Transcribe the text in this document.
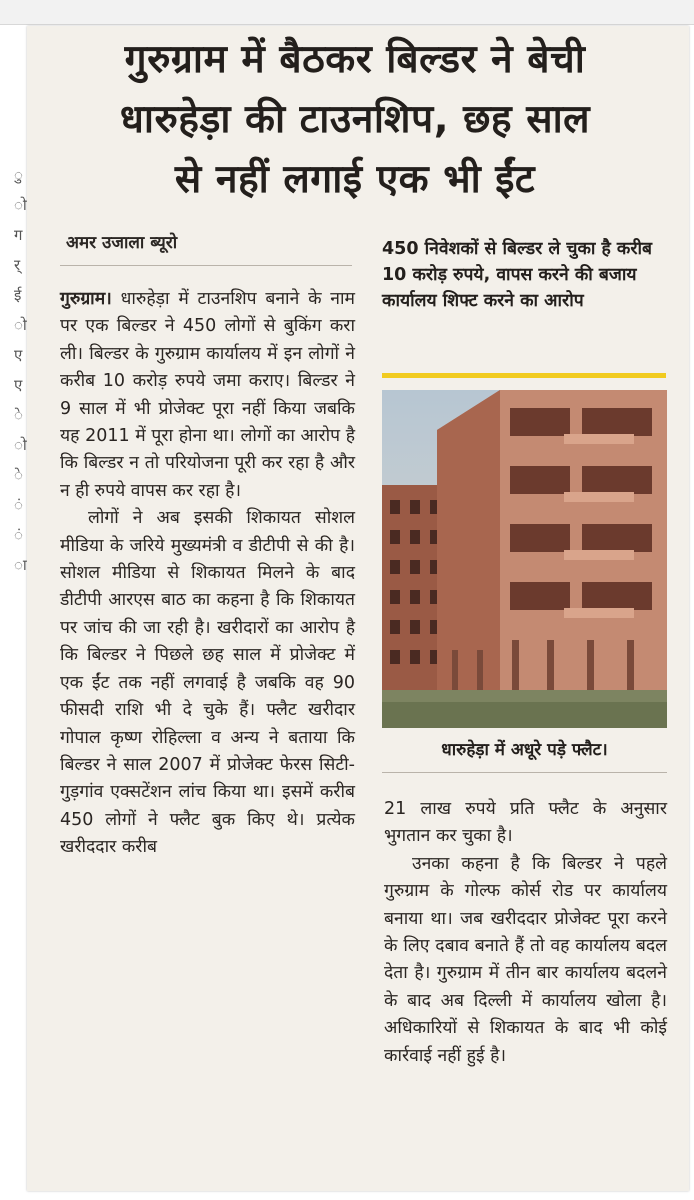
ु
ो
ग
र्
ई
ो
ए
ए
े
ो
े
ं
ं
ा
गुरुग्राम में बैठकर बिल्डर ने बेची
धारुहेड़ा की टाउनशिप, छह साल
से नहीं लगाई एक भी ईंट
अमर उजाला ब्यूरो	450 निवेशकों से बिल्डर ले चुका है करीब 10 करोड़ रुपये, वापस करने की बजाय कार्यालय शिफ्ट करने का आरोप
धारुहेड़ा में अधूरे पड़े फ्लैट।

गुरुग्राम। धारुहेड़ा में टाउनशिप बनाने के नाम पर एक बिल्डर ने 450 लोगों से बुकिंग करा ली। बिल्डर के गुरुग्राम कार्यालय में इन लोगों ने करीब 10 करोड़ रुपये जमा कराए। बिल्डर ने 9 साल में भी प्रोजेक्ट पूरा नहीं किया जबकि यह 2011 में पूरा होना था। लोगों का आरोप है कि बिल्डर न तो परियोजना पूरी कर रहा है और न ही रुपये वापस कर रहा है।

लोगों ने अब इसकी शिकायत सोशल मीडिया के जरिये मुख्यमंत्री व डीटीपी से की है। सोशल मीडिया से शिकायत मिलने के बाद डीटीपी आरएस बाठ का कहना है कि शिकायत पर जांच की जा रही है। खरीदारों का आरोप है कि बिल्डर ने पिछले छह साल में प्रोजेक्ट में एक ईंट तक नहीं लगवाई है जबकि वह 90 फीसदी राशि भी दे चुके हैं। फ्लैट खरीदार गोपाल कृष्ण रोहिल्ला व अन्य ने बताया कि बिल्डर ने साल 2007 में प्रोजेक्ट फेरस सिटी- गुड़गांव एक्सटेंशन लांच किया था। इसमें करीब 450 लोगों ने फ्लैट बुक किए थे। प्रत्येक खरीददार करीब

21 लाख रुपये प्रति फ्लैट के अनुसार भुगतान कर चुका है।

उनका कहना है कि बिल्डर ने पहले गुरुग्राम के गोल्फ कोर्स रोड पर कार्यालय बनाया था। जब खरीददार प्रोजेक्ट पूरा करने के लिए दबाव बनाते हैं तो वह कार्यालय बदल देता है। गुरुग्राम में तीन बार कार्यालय बदलने के बाद अब दिल्ली में कार्यालय खोला है। अधिकारियों से शिकायत के बाद भी कोई कार्रवाई नहीं हुई है।
